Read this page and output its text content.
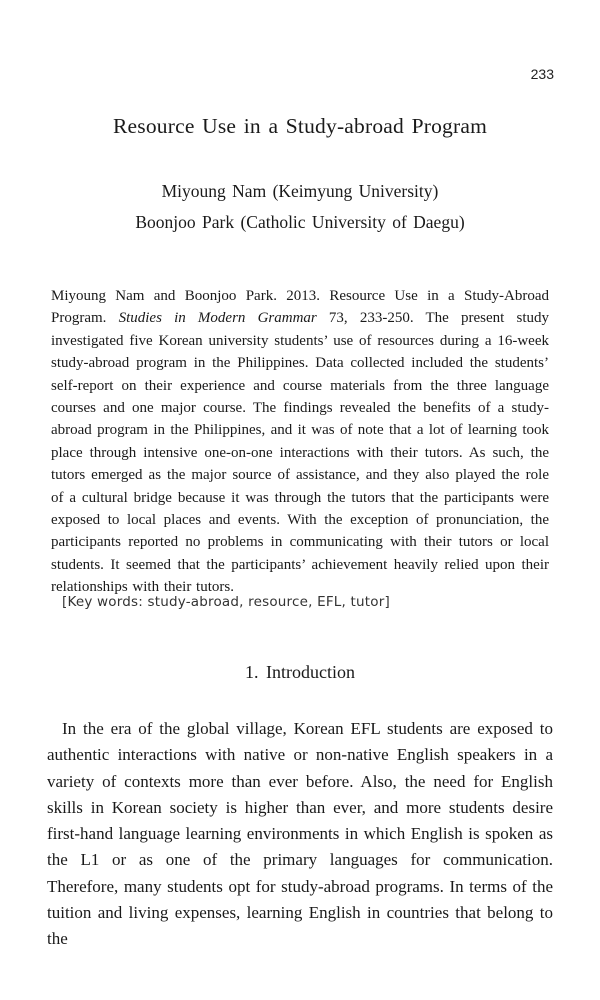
233
Resource Use in a Study-abroad Program
Miyoung Nam (Keimyung University)
Boonjoo Park (Catholic University of Daegu)

Miyoung Nam and Boonjoo Park. 2013. Resource Use in a Study-Abroad Program. Studies in Modern Grammar 73, 233-250. The present study investigated five Korean university students’ use of resources during a 16-week study-abroad program in the Philippines. Data collected included the students’ self-report on their experience and course materials from the three language courses and one major course. The findings revealed the benefits of a study-abroad program in the Philippines, and it was of note that a lot of learning took place through intensive one-on-one interactions with their tutors. As such, the tutors emerged as the major source of assistance, and they also played the role of a cultural bridge because it was through the tutors that the participants were exposed to local places and events. With the exception of pronunciation, the participants reported no problems in communicating with their tutors or local students. It seemed that the participants’ achievement heavily relied upon their relationships with their tutors.

[Key words: study-abroad, resource, EFL, tutor]
1. Introduction

In the era of the global village, Korean EFL students are exposed to authentic interactions with native or non-native English speakers in a variety of contexts more than ever before. Also, the need for English skills in Korean society is higher than ever, and more students desire first-hand language learning environments in which English is spoken as the L1 or as one of the primary languages for communication. Therefore, many students opt for study-abroad programs. In terms of the tuition and living expenses, learning English in countries that belong to the
